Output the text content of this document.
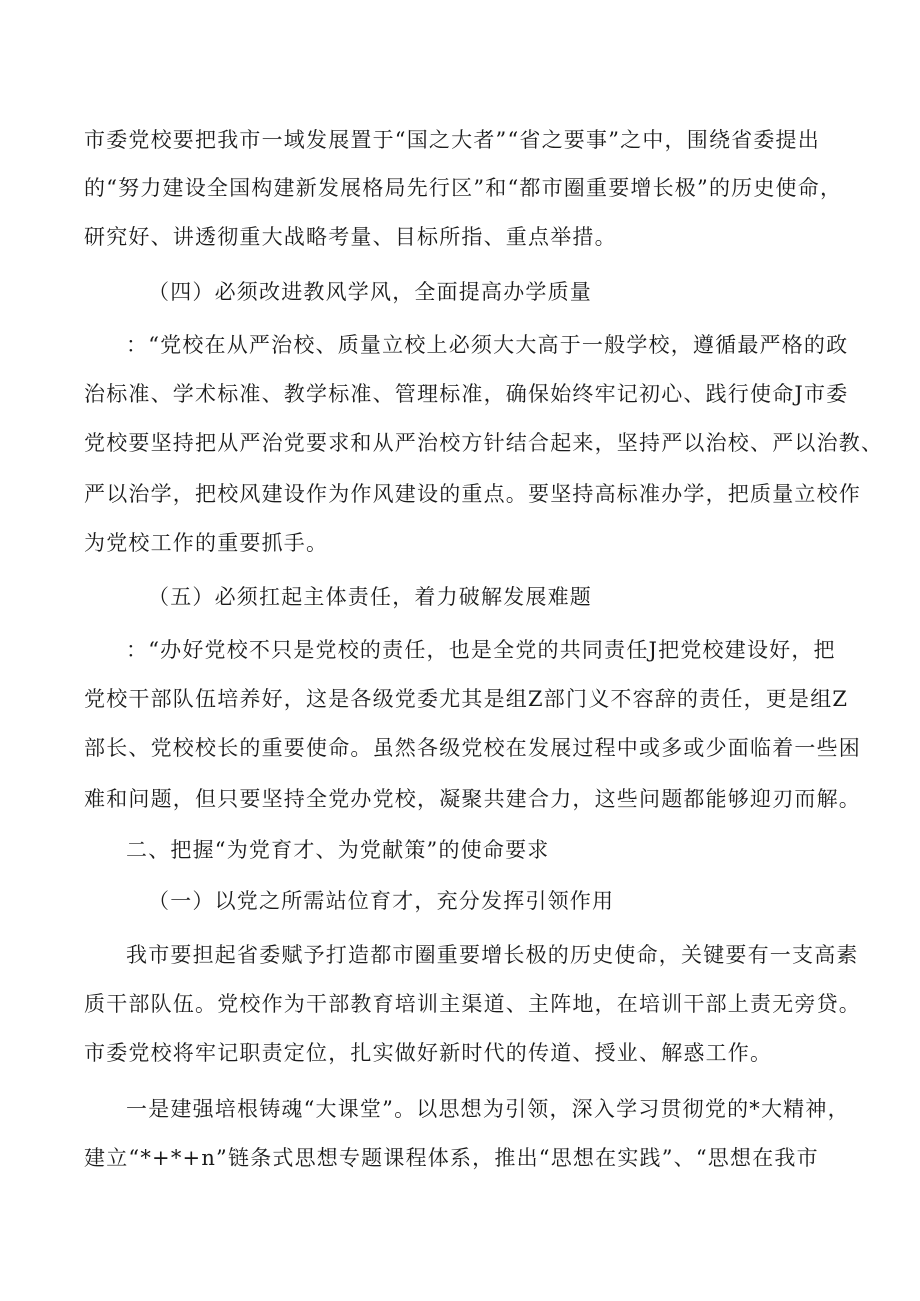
市委党校要把我市一域发展置于“国之大者”“省之要事”之中，围绕省委提出
的“努力建设全国构建新发展格局先行区”和“都市圈重要增长极”的历史使命，
研究好、讲透彻重大战略考量、目标所指、重点举措。
（四）必须改进教风学风，全面提高办学质量
：“党校在从严治校、质量立校上必须大大高于一般学校，遵循最严格的政
治标准、学术标准、教学标准、管理标准，确保始终牢记初心、践行使命J市委
党校要坚持把从严治党要求和从严治校方针结合起来，坚持严以治校、严以治教、
严以治学，把校风建设作为作风建设的重点。要坚持高标准办学，把质量立校作
为党校工作的重要抓手。
（五）必须扛起主体责任，着力破解发展难题
：“办好党校不只是党校的责任，也是全党的共同责任J把党校建设好，把
党校干部队伍培养好，这是各级党委尤其是组Z部门义不容辞的责任，更是组Z
部长、党校校长的重要使命。虽然各级党校在发展过程中或多或少面临着一些困
难和问题，但只要坚持全党办党校，凝聚共建合力，这些问题都能够迎刃而解。
二、把握“为党育才、为党献策”的使命要求
（一）以党之所需站位育才，充分发挥引领作用
我市要担起省委赋予打造都市圈重要增长极的历史使命，关键要有一支高素
质干部队伍。党校作为干部教育培训主渠道、主阵地，在培训干部上责无旁贷。
市委党校将牢记职责定位，扎实做好新时代的传道、授业、解惑工作。
一是建强培根铸魂“大课堂”。以思想为引领，深入学习贯彻党的*大精神，
建立“*+*+n”链条式思想专题课程体系，推出“思想在实践”、“思想在我市
